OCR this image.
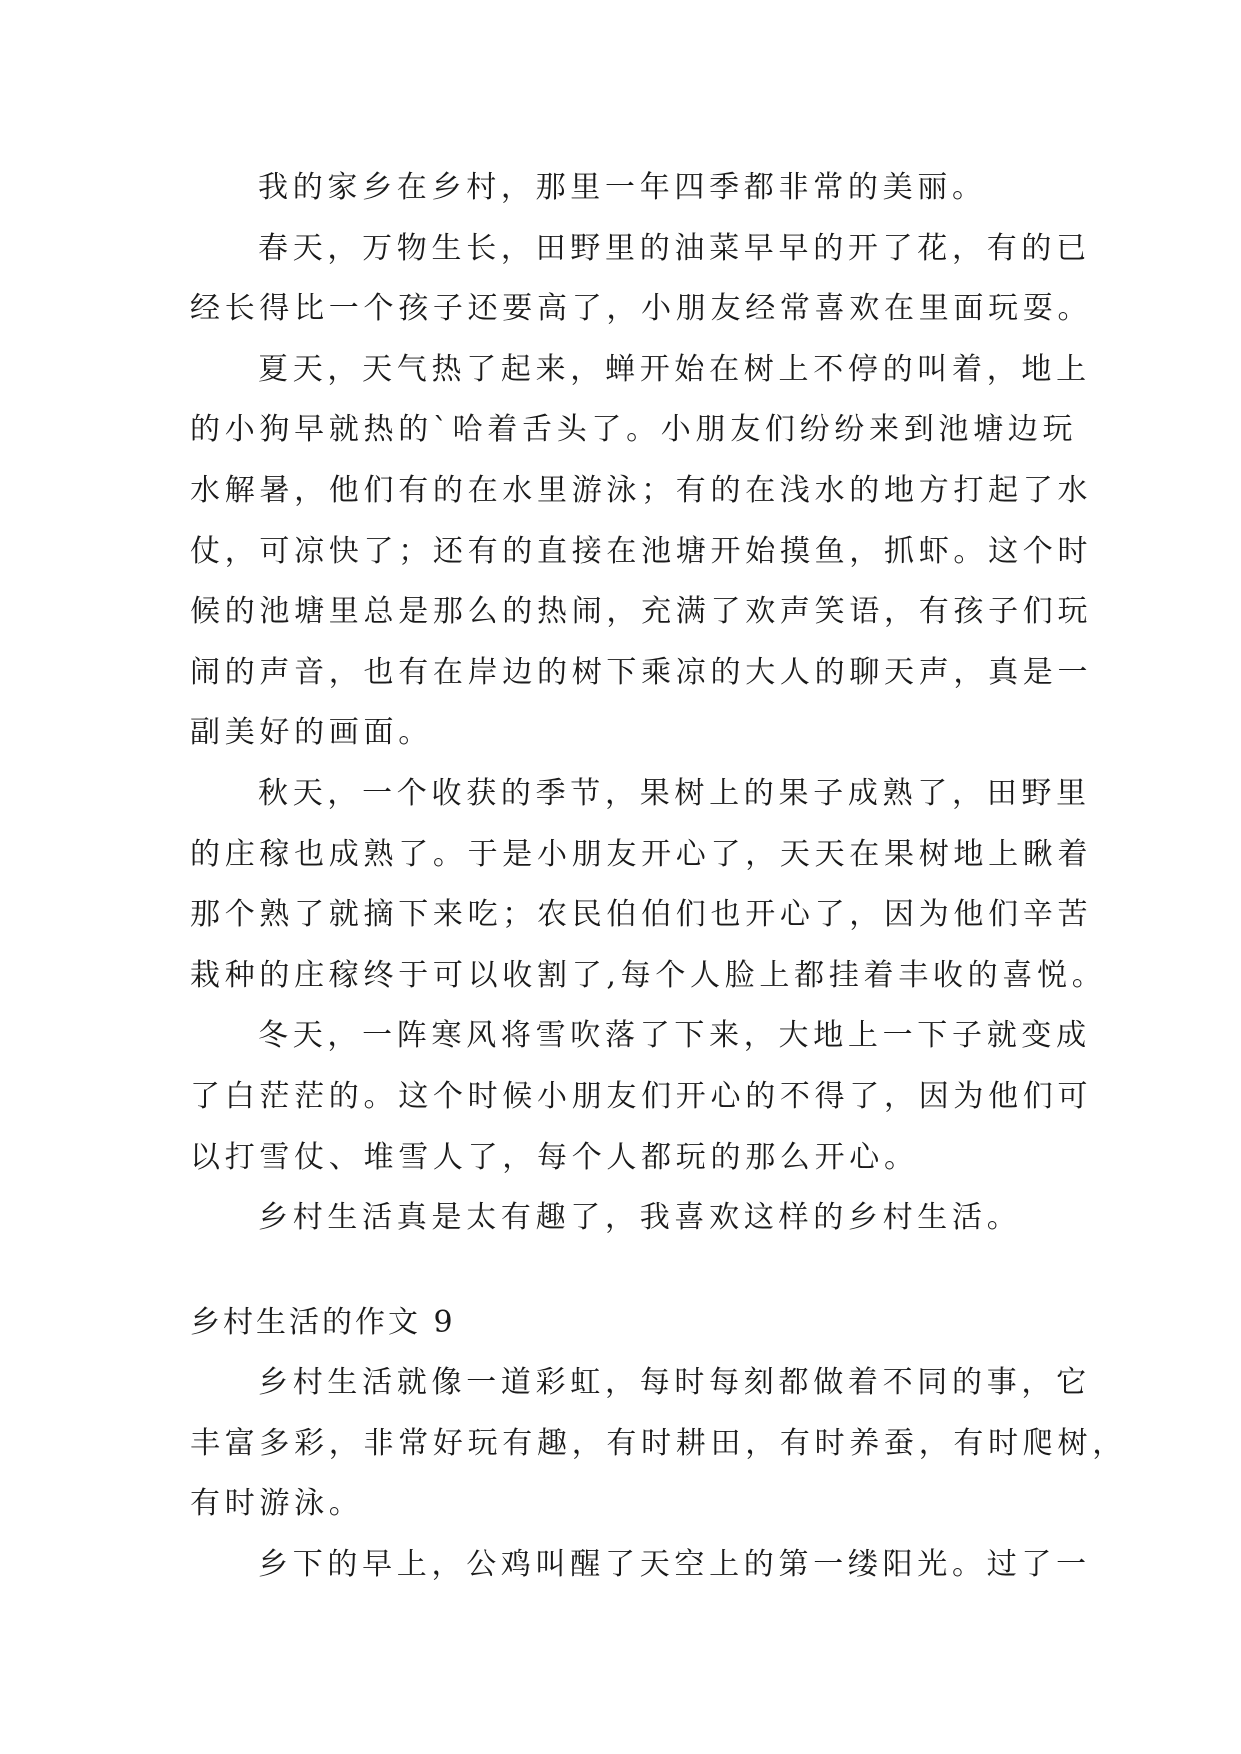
我的家乡在乡村，那里一年四季都非常的美丽。

春天，万物生长，田野里的油菜早早的开了花，有的已
经长得比一个孩子还要高了，小朋友经常喜欢在里面玩耍。

夏天，天气热了起来，蝉开始在树上不停的叫着，地上
的小狗早就热的`哈着舌头了。小朋友们纷纷来到池塘边玩
水解暑，他们有的在水里游泳；有的在浅水的地方打起了水
仗，可凉快了；还有的直接在池塘开始摸鱼，抓虾。这个时
候的池塘里总是那么的热闹，充满了欢声笑语，有孩子们玩
闹的声音，也有在岸边的树下乘凉的大人的聊天声，真是一
副美好的画面。

秋天，一个收获的季节，果树上的果子成熟了，田野里
的庄稼也成熟了。于是小朋友开心了，天天在果树地上瞅着
那个熟了就摘下来吃；农民伯伯们也开心了，因为他们辛苦
栽种的庄稼终于可以收割了,每个人脸上都挂着丰收的喜悦。

冬天，一阵寒风将雪吹落了下来，大地上一下子就变成
了白茫茫的。这个时候小朋友们开心的不得了，因为他们可
以打雪仗、堆雪人了，每个人都玩的那么开心。

乡村生活真是太有趣了，我喜欢这样的乡村生活。

乡村生活的作文 9

乡村生活就像一道彩虹，每时每刻都做着不同的事，它
丰富多彩，非常好玩有趣，有时耕田，有时养蚕，有时爬树，
有时游泳。

乡下的早上，公鸡叫醒了天空上的第一缕阳光。过了一
